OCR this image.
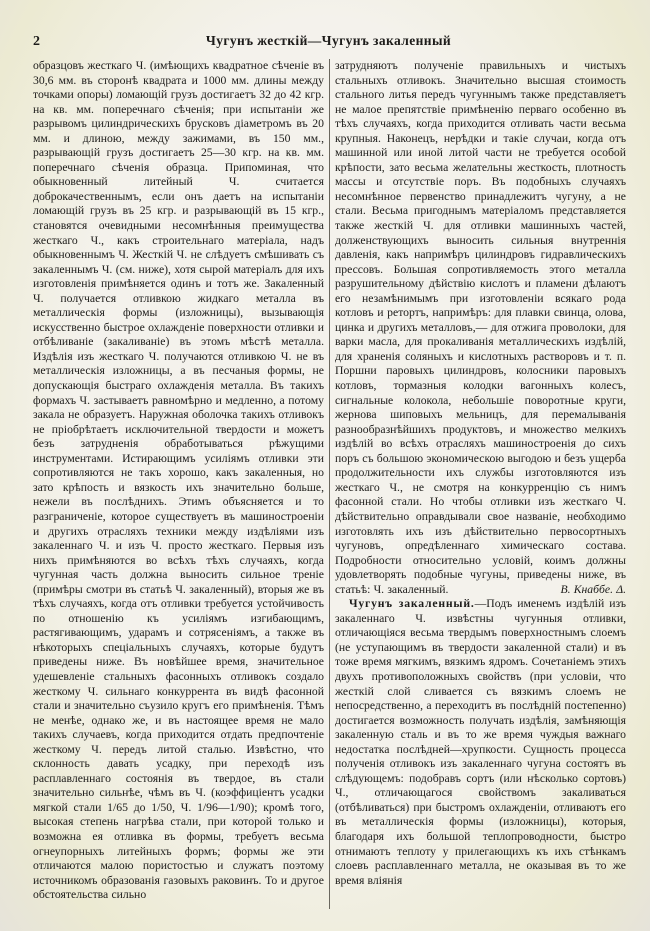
2	Чугунъ жесткій—Чугунъ закаленный

образцовъ жесткаго Ч. (имѣющихъ квадратное сѣченіе въ 30,6 мм. въ сторонѣ квадрата и 1000 мм. длины между точками опоры) ломающій грузъ достигаетъ 32 до 42 кгр. на кв. мм. поперечнаго сѣченія; при испытаніи же разрывомъ цилиндрическихъ брусковъ діаметромъ въ 20 мм. и длиною, между зажимами, въ 150 мм., разрывающій грузъ достигаетъ 25—30 кгр. на кв. мм. поперечнаго сѣченія образца. Припоминая, что обыкновенный литейный Ч. считается доброкачественнымъ, если онъ даетъ на испытаніи ломающій грузъ въ 25 кгр. и разрывающій въ 15 кгр., становятся очевидными несомнѣнныя преимущества жесткаго Ч., какъ строительнаго матеріала, надъ обыкновеннымъ Ч. Жесткій Ч. не слѣдуетъ смѣшивать съ закаленнымъ Ч. (см. ниже), хотя сырой матеріалъ для ихъ изготовленія примѣняется одинъ и тотъ же. Закаленный Ч. получается отливкою жидкаго металла въ металлическія формы (изложницы), вызывающія искусственно быстрое охлажденіе поверхности отливки и отбѣливаніе (закаливаніе) въ этомъ мѣстѣ металла. Издѣлія изъ жесткаго Ч. получаются отливкою Ч. не въ металлическія изложницы, а въ песчаныя формы, не допускающія быстраго охлажденія металла. Въ такихъ формахъ Ч. застываетъ равномѣрно и медленно, а потому закала не образуетъ. Наружная оболочка такихъ отливокъ не пріобрѣтаетъ исключительной твердости и можетъ безъ затрудненія обработываться рѣжущими инструментами. Истирающимъ усиліямъ отливки эти сопротивляются не такъ хорошо, какъ закаленныя, но зато крѣпость и вязкость ихъ значительно больше, нежели въ послѣднихъ. Этимъ объясняется и то разграниченіе, которое существуетъ въ машиностроеніи и другихъ отрасляхъ техники между издѣліями изъ закаленнаго Ч. и изъ Ч. просто жесткаго. Первыя изъ нихъ примѣняются во всѣхъ тѣхъ случаяхъ, когда чугунная часть должна выносить сильное треніе (примѣры смотри въ статьѣ Ч. закаленный), вторыя же въ тѣхъ случаяхъ, когда отъ отливки требуется устойчивость по отношенію къ усиліямъ изгибающимъ, растягивающимъ, ударамъ и сотрясеніямъ, а также въ нѣкоторыхъ спеціальныхъ случаяхъ, которые будутъ приведены ниже. Въ новѣйшее время, значительное удешевленіе стальныхъ фасонныхъ отливокъ создало жесткому Ч. сильнаго конкуррента въ видѣ фасонной стали и значительно съузило кругъ его примѣненія. Тѣмъ не менѣе, однако же, и въ настоящее время не мало такихъ случаевъ, когда приходится отдать предпочтеніе жесткому Ч. передъ литой сталью. Извѣстно, что склонность давать усадку, при переходѣ изъ расплавленнаго состоянія въ твердое, въ стали значительно сильнѣе, чѣмъ въ Ч. (коэффиціентъ усадки мягкой стали 1/65 до 1/50, Ч. 1/96—1/90); кромѣ того, высокая степень нагрѣва стали, при которой только и возможна ея отливка въ формы, требуетъ весьма огнеупорныхъ литейныхъ формъ; формы же эти отличаются малою пористостью и служатъ поэтому источникомъ образованія газовыхъ раковинъ. То и другое обстоятельства сильно

затрудняютъ полученіе правильныхъ и чистыхъ стальныхъ отливокъ. Значительно высшая стоимость стального литья передъ чугуннымъ также представляетъ не малое препятствіе примѣненію перваго особенно въ тѣхъ случаяхъ, когда приходится отливать части весьма крупныя. Наконецъ, нерѣдки и такіе случаи, когда отъ машинной или иной литой части не требуется особой крѣпости, зато весьма желательны жесткость, плотность массы и отсутствіе поръ. Въ подобныхъ случаяхъ несомнѣнное первенство принадлежитъ чугуну, а не стали. Весьма пригоднымъ матеріаломъ представляется также жесткій Ч. для отливки машинныхъ частей, долженствующихъ выносить сильныя внутреннія давленія, какъ напримѣръ цилиндровъ гидравлическихъ прессовъ. Большая сопротивляемость этого металла разрушительному дѣйствію кислотъ и пламени дѣлаютъ его незамѣнимымъ при изготовленіи всякаго рода котловъ и ретортъ, напримѣръ: для плавки свинца, олова, цинка и другихъ металловъ,— для отжига проволоки, для варки масла, для прокаливанія металлическихъ издѣлій, для храненія соляныхъ и кислотныхъ растворовъ и т. п. Поршни паровыхъ цилиндровъ, колосники паровыхъ котловъ, тормазныя колодки вагонныхъ колесъ, сигнальные колокола, небольшіе поворотные круги, жернова шиповыхъ мельницъ, для перемалыванія разнообразнѣйшихъ продуктовъ, и множество мелкихъ издѣлій во всѣхъ отрасляхъ машиностроенія до сихъ поръ съ большою экономическою выгодою и безъ ущерба продолжительности ихъ службы изготовляются изъ жесткаго Ч., не смотря на конкурренцію съ нимъ фасонной стали. Но чтобы отливки изъ жесткаго Ч. дѣйствительно оправдывали свое названіе, необходимо изготовлять ихъ изъ дѣйствительно первосортныхъ чугуновъ, опредѣленнаго химическаго состава. Подробности относительно условій, коимъ должны удовлетворять подобные чугуны, приведены ниже, въ статьѣ: Ч. закаленный.	В. Кнаббе. Δ.

Чугунъ закаленный.—Подъ именемъ издѣлій изъ закаленнаго Ч. извѣстны чугунныя отливки, отличающіяся весьма твердымъ поверхностнымъ слоемъ (не уступающимъ въ твердости закаленной стали) и въ тоже время мягкимъ, вязкимъ ядромъ. Сочетаніемъ этихъ двухъ противоположныхъ свойствъ (при условіи, что жесткій слой сливается съ вязкимъ слоемъ не непосредственно, а переходитъ въ послѣдній постепенно) достигается возможность получать издѣлія, замѣняющія закаленную сталь и въ то же время чуждыя важнаго недостатка послѣдней—хрупкости. Сущность процесса полученія отливокъ изъ закаленнаго чугуна состоятъ въ слѣдующемъ: подобравъ сортъ (или нѣсколько сортовъ) Ч., отличающагося свойствомъ закаливаться (отбѣливаться) при быстромъ охлажденіи, отливаютъ его въ металлическія формы (изложницы), которыя, благодаря ихъ большой теплопроводности, быстро отнимаютъ теплоту у прилегающихъ къ ихъ стѣнкамъ слоевъ расплавленнаго металла, не оказывая въ то же время вліянія
